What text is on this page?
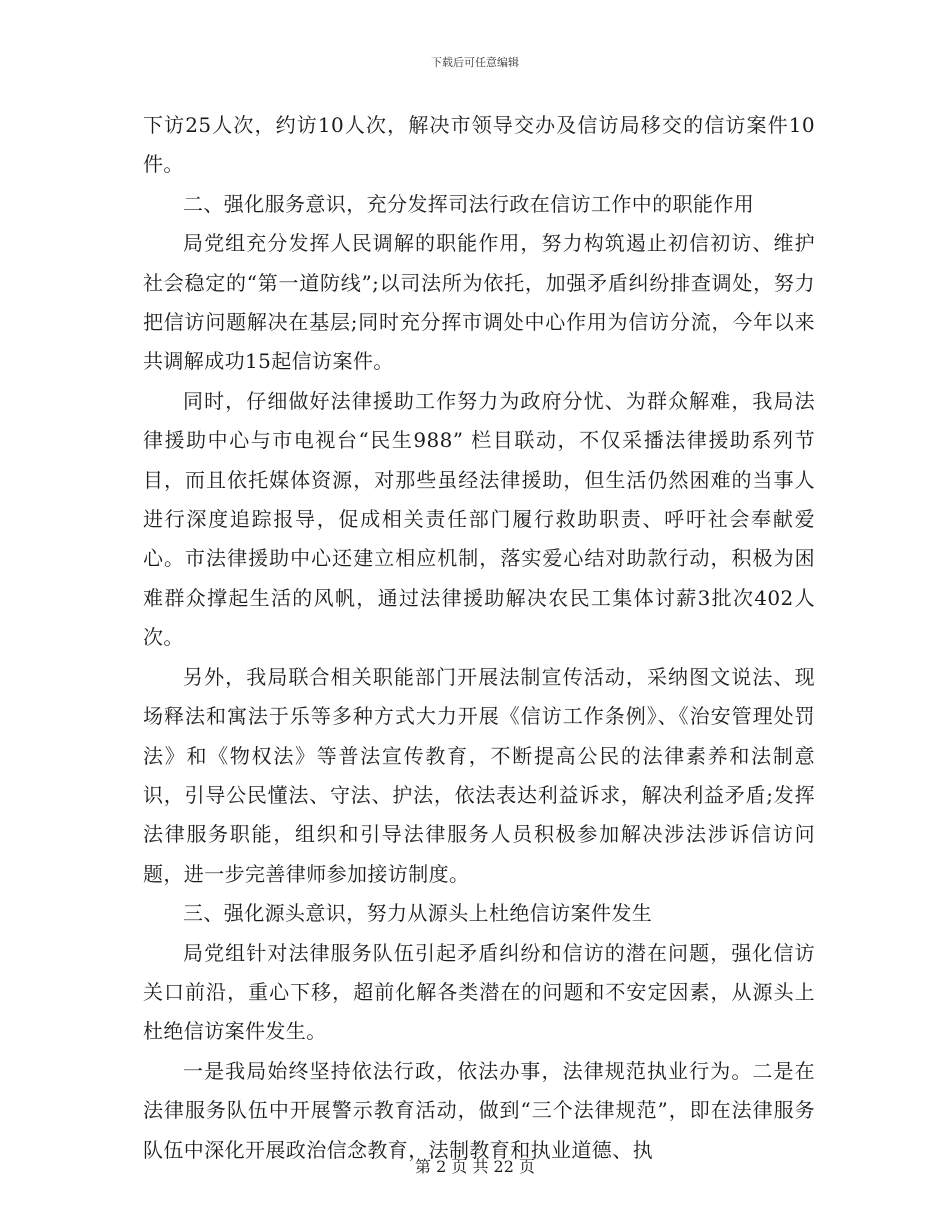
下载后可任意编辑

下访25人次，约访10人次，解决市领导交办及信访局移交的信访案件10件。

二、强化服务意识，充分发挥司法行政在信访工作中的职能作用

局党组充分发挥人民调解的职能作用，努力构筑遏止初信初访、维护社会稳定的“第一道防线”;以司法所为依托，加强矛盾纠纷排查调处，努力把信访问题解决在基层;同时充分挥市调处中心作用为信访分流，今年以来共调解成功15起信访案件。

同时，仔细做好法律援助工作努力为政府分忧、为群众解难，我局法律援助中心与市电视台“民生988” 栏目联动，不仅采播法律援助系列节目，而且依托媒体资源，对那些虽经法律援助，但生活仍然困难的当事人进行深度追踪报导，促成相关责任部门履行救助职责、呼吁社会奉献爱心。市法律援助中心还建立相应机制，落实爱心结对助款行动，积极为困难群众撑起生活的风帆，通过法律援助解决农民工集体讨薪3批次402人次。

另外，我局联合相关职能部门开展法制宣传活动，采纳图文说法、现场释法和寓法于乐等多种方式大力开展《信访工作条例》、《治安管理处罚法》和《物权法》等普法宣传教育，不断提高公民的法律素养和法制意识，引导公民懂法、守法、护法，依法表达利益诉求，解决利益矛盾;发挥法律服务职能，组织和引导法律服务人员积极参加解决涉法涉诉信访问题，进一步完善律师参加接访制度。

三、强化源头意识，努力从源头上杜绝信访案件发生

局党组针对法律服务队伍引起矛盾纠纷和信访的潜在问题，强化信访关口前沿，重心下移，超前化解各类潜在的问题和不安定因素，从源头上杜绝信访案件发生。

一是我局始终坚持依法行政，依法办事，法律规范执业行为。二是在法律服务队伍中开展警示教育活动，做到“三个法律规范”，即在法律服务队伍中深化开展政治信念教育，法制教育和执业道德、执

第 2 页 共 22 页
